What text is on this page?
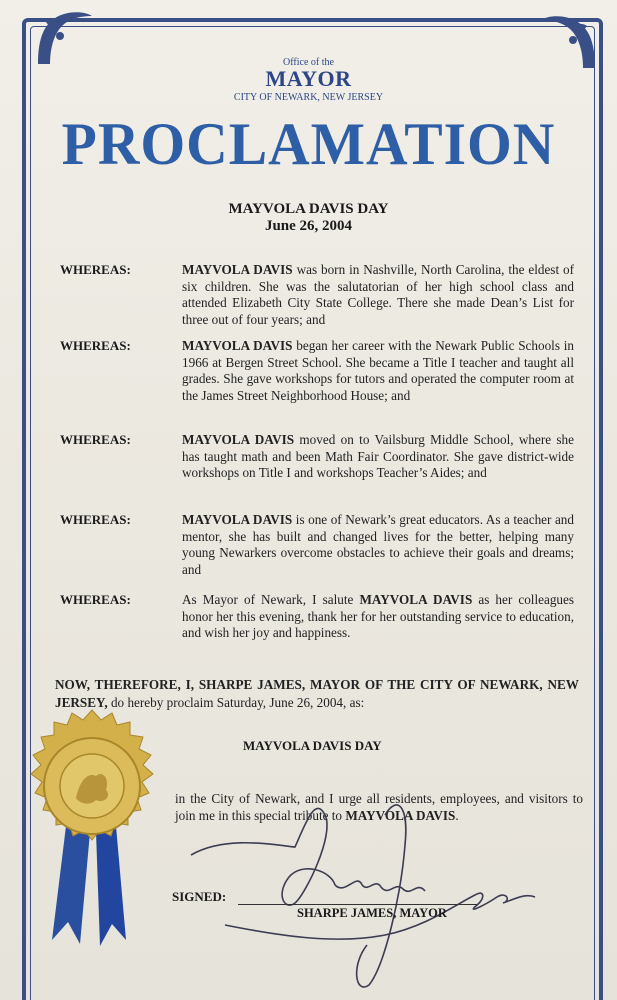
Office of the
MAYOR
CITY OF NEWARK, NEW JERSEY
PROCLAMATION
MAYVOLA DAVIS DAY
June 26, 2004
WHEREAS:	MAYVOLA DAVIS was born in Nashville, North Carolina, the eldest of six children. She was the salutatorian of her high school class and attended Elizabeth City State College. There she made Dean’s List for three out of four years; and
WHEREAS:	MAYVOLA DAVIS began her career with the Newark Public Schools in 1966 at Bergen Street School. She became a Title I teacher and taught all grades. She gave workshops for tutors and operated the computer room at the James Street Neighborhood House; and
WHEREAS:	MAYVOLA DAVIS moved on to Vailsburg Middle School, where she has taught math and been Math Fair Coordinator. She gave district-wide workshops on Title I and workshops Teacher’s Aides; and
WHEREAS:	MAYVOLA DAVIS is one of Newark’s great educators. As a teacher and mentor, she has built and changed lives for the better, helping many young Newarkers overcome obstacles to achieve their goals and dreams; and
WHEREAS:	As Mayor of Newark, I salute MAYVOLA DAVIS as her colleagues honor her this evening, thank her for her outstanding service to education, and wish her joy and happiness.
NOW, THEREFORE, I, SHARPE JAMES, MAYOR OF THE CITY OF NEWARK, NEW JERSEY, do hereby proclaim Saturday, June 26, 2004, as:
MAYVOLA DAVIS DAY
in the City of Newark, and I urge all residents, employees, and visitors to join me in this special tribute to MAYVOLA DAVIS.
SIGNED:
SHARPE JAMES, MAYOR
